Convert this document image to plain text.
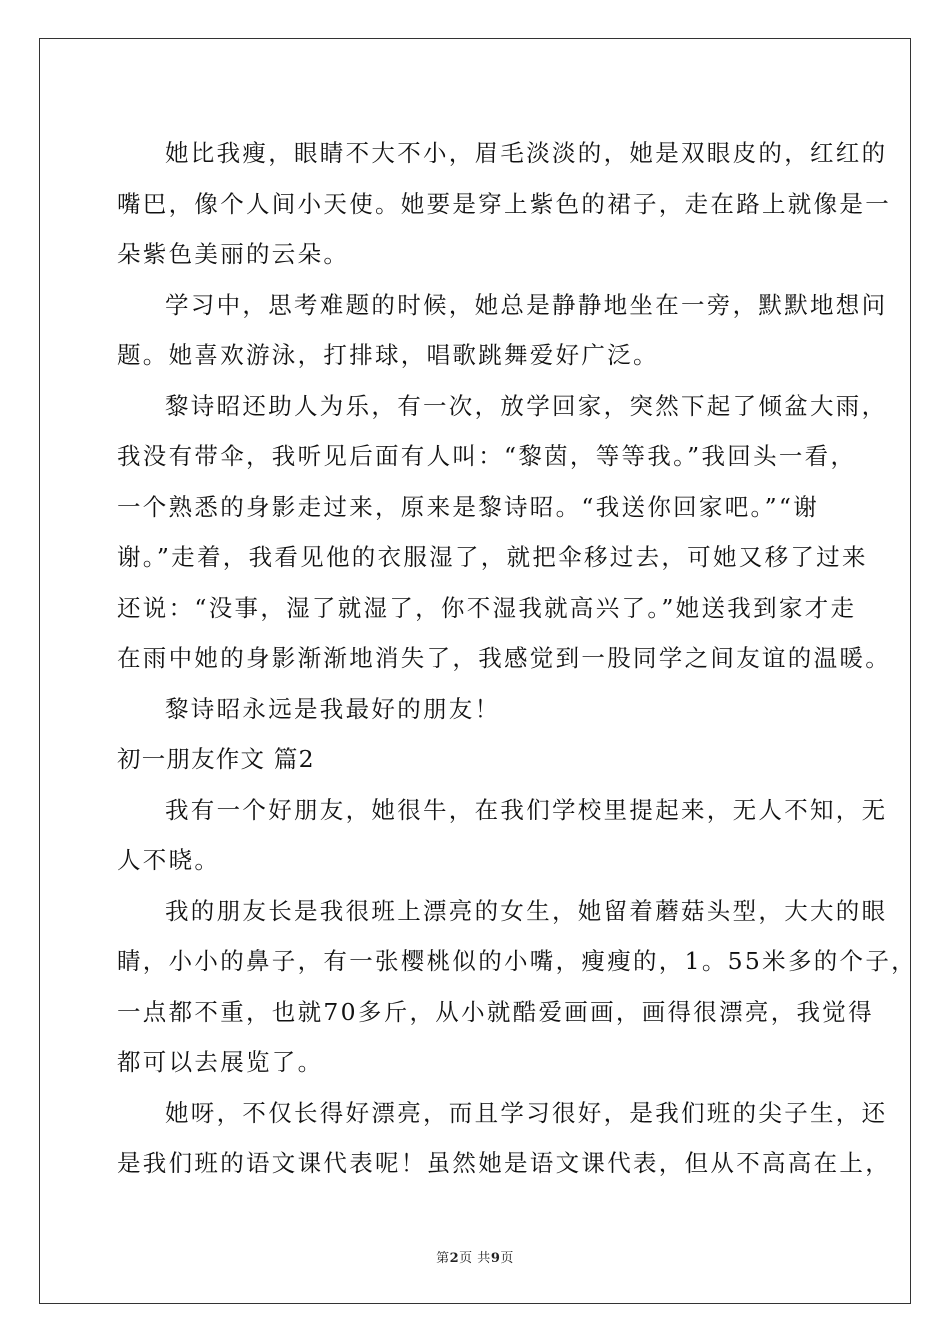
她比我瘦，眼睛不大不小，眉毛淡淡的，她是双眼皮的，红红的
嘴巴，像个人间小天使。她要是穿上紫色的裙子，走在路上就像是一
朵紫色美丽的云朵。

学习中，思考难题的时候，她总是静静地坐在一旁，默默地想问
题。她喜欢游泳，打排球，唱歌跳舞爱好广泛。

黎诗昭还助人为乐，有一次，放学回家，突然下起了倾盆大雨，
我没有带伞，我听见后面有人叫：“黎茵，等等我。”我回头一看，
一个熟悉的身影走过来，原来是黎诗昭。“我送你回家吧。”“谢
谢。”走着，我看见他的衣服湿了，就把伞移过去，可她又移了过来
还说：“没事，湿了就湿了，你不湿我就高兴了。”她送我到家才走
在雨中她的身影渐渐地消失了，我感觉到一股同学之间友谊的温暖。

黎诗昭永远是我最好的朋友！

初一朋友作文 篇2

我有一个好朋友，她很牛，在我们学校里提起来，无人不知，无
人不晓。

我的朋友长是我很班上漂亮的女生，她留着蘑菇头型，大大的眼
睛，小小的鼻子，有一张樱桃似的小嘴，瘦瘦的，1。55米多的个子，
一点都不重，也就70多斤，从小就酷爱画画，画得很漂亮，我觉得
都可以去展览了。

她呀，不仅长得好漂亮，而且学习很好，是我们班的尖子生，还
是我们班的语文课代表呢！虽然她是语文课代表，但从不高高在上，

第2页 共9页
